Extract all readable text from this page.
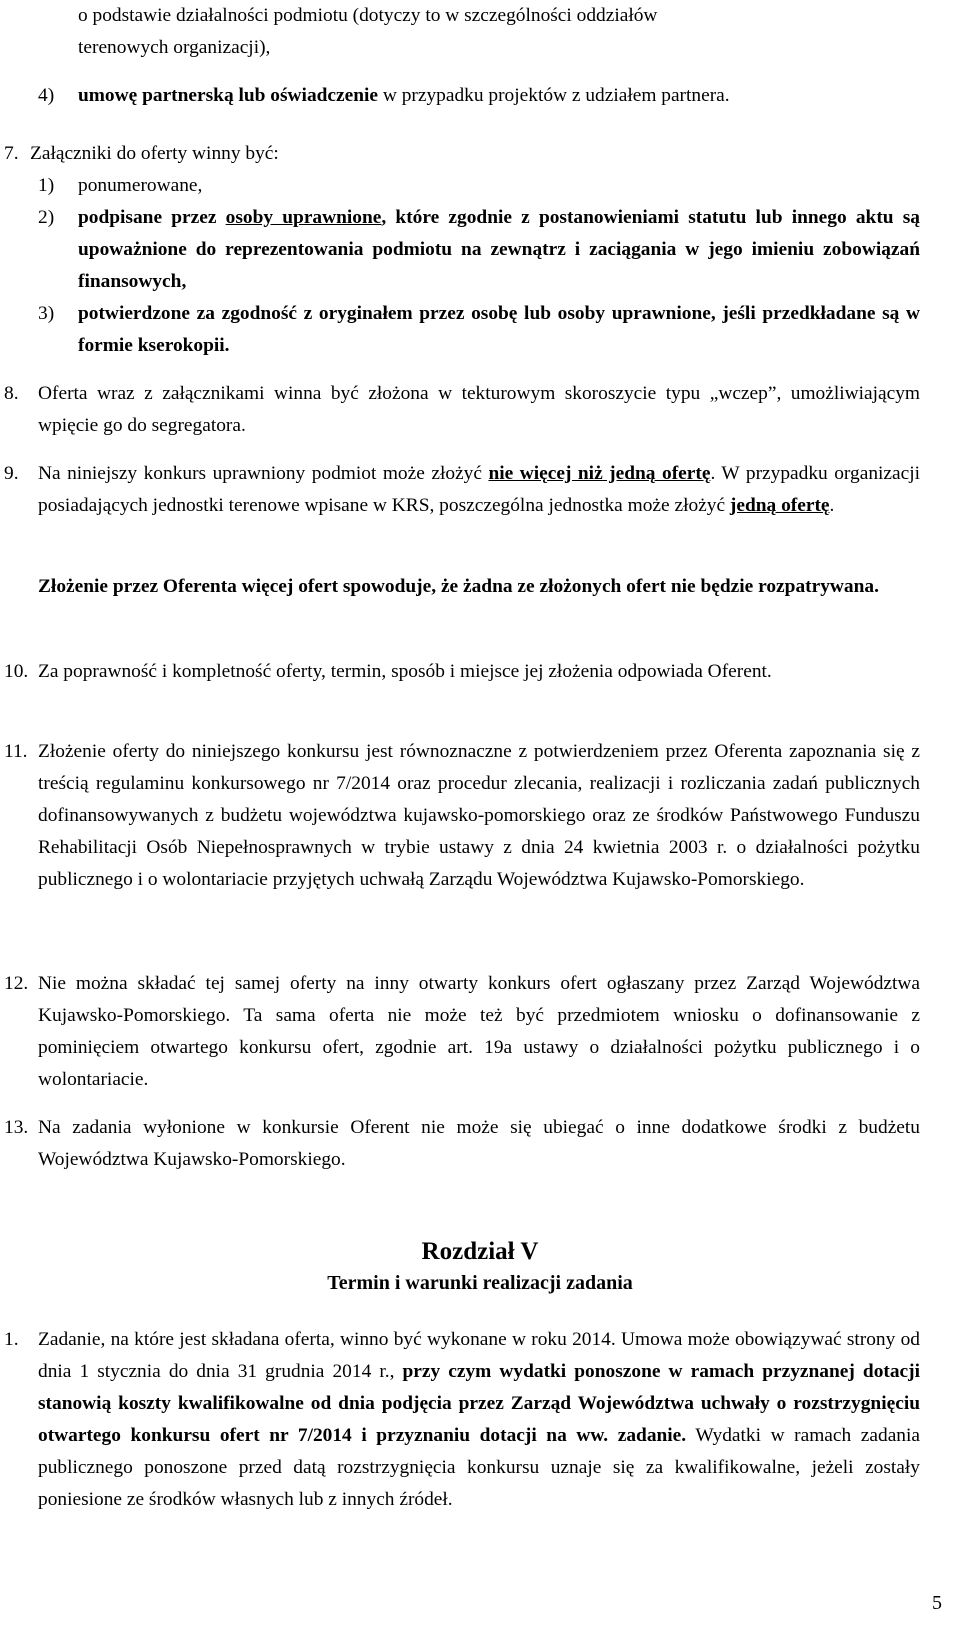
o podstawie działalności podmiotu (dotyczy to w szczególności oddziałów
terenowych organizacji),
4) umowę partnerską lub oświadczenie w przypadku projektów z udziałem partnera.
7. Załączniki do oferty winny być:
1) ponumerowane,
2) podpisane przez osoby uprawnione, które zgodnie z postanowieniami statutu lub innego aktu są upoważnione do reprezentowania podmiotu na zewnątrz i zaciągania w jego imieniu zobowiązań finansowych,
3) potwierdzone za zgodność z oryginałem przez osobę lub osoby uprawnione, jeśli przedkładane są w formie kserokopii.
8. Oferta wraz z załącznikami winna być złożona w tekturowym skoroszycie typu „wczep”, umożliwiającym wpięcie go do segregatora.
9. Na niniejszy konkurs uprawniony podmiot może złożyć nie więcej niż jedną ofertę. W przypadku organizacji posiadających jednostki terenowe wpisane w KRS, poszczególna jednostka może złożyć jedną ofertę.
Złożenie przez Oferenta więcej ofert spowoduje, że żadna ze złożonych ofert nie będzie rozpatrywana.
10. Za poprawność i kompletność oferty, termin, sposób i miejsce jej złożenia odpowiada Oferent.
11. Złożenie oferty do niniejszego konkursu jest równoznaczne z potwierdzeniem przez Oferenta zapoznania się z treścią regulaminu konkursowego nr 7/2014 oraz procedur zlecania, realizacji i rozliczania zadań publicznych dofinansowywanych z budżetu województwa kujawsko-pomorskiego oraz ze środków Państwowego Funduszu Rehabilitacji Osób Niepełnosprawnych w trybie ustawy z dnia 24 kwietnia 2003 r. o działalności pożytku publicznego i o wolontariacie przyjętych uchwałą Zarządu Województwa Kujawsko-Pomorskiego.
12. Nie można składać tej samej oferty na inny otwarty konkurs ofert ogłaszany przez Zarząd Województwa Kujawsko-Pomorskiego. Ta sama oferta nie może też być przedmiotem wniosku o dofinansowanie z pominięciem otwartego konkursu ofert, zgodnie art. 19a ustawy o działalności pożytku publicznego i o wolontariacie.
13. Na zadania wyłonione w konkursie Oferent nie może się ubiegać o inne dodatkowe środki z budżetu Województwa Kujawsko-Pomorskiego.
Rozdział V
Termin i warunki realizacji zadania
1. Zadanie, na które jest składana oferta, winno być wykonane w roku 2014. Umowa może obowiązywać strony od dnia 1 stycznia do dnia 31 grudnia 2014 r., przy czym wydatki ponoszone w ramach przyznanej dotacji stanowią koszty kwalifikowalne od dnia podjęcia przez Zarząd Województwa uchwały o rozstrzygnięciu otwartego konkursu ofert nr 7/2014 i przyznaniu dotacji na ww. zadanie. Wydatki w ramach zadania publicznego ponoszone przed datą rozstrzygnięcia konkursu uznaje się za kwalifikowalne, jeżeli zostały poniesione ze środków własnych lub z innych źródeł.
5
